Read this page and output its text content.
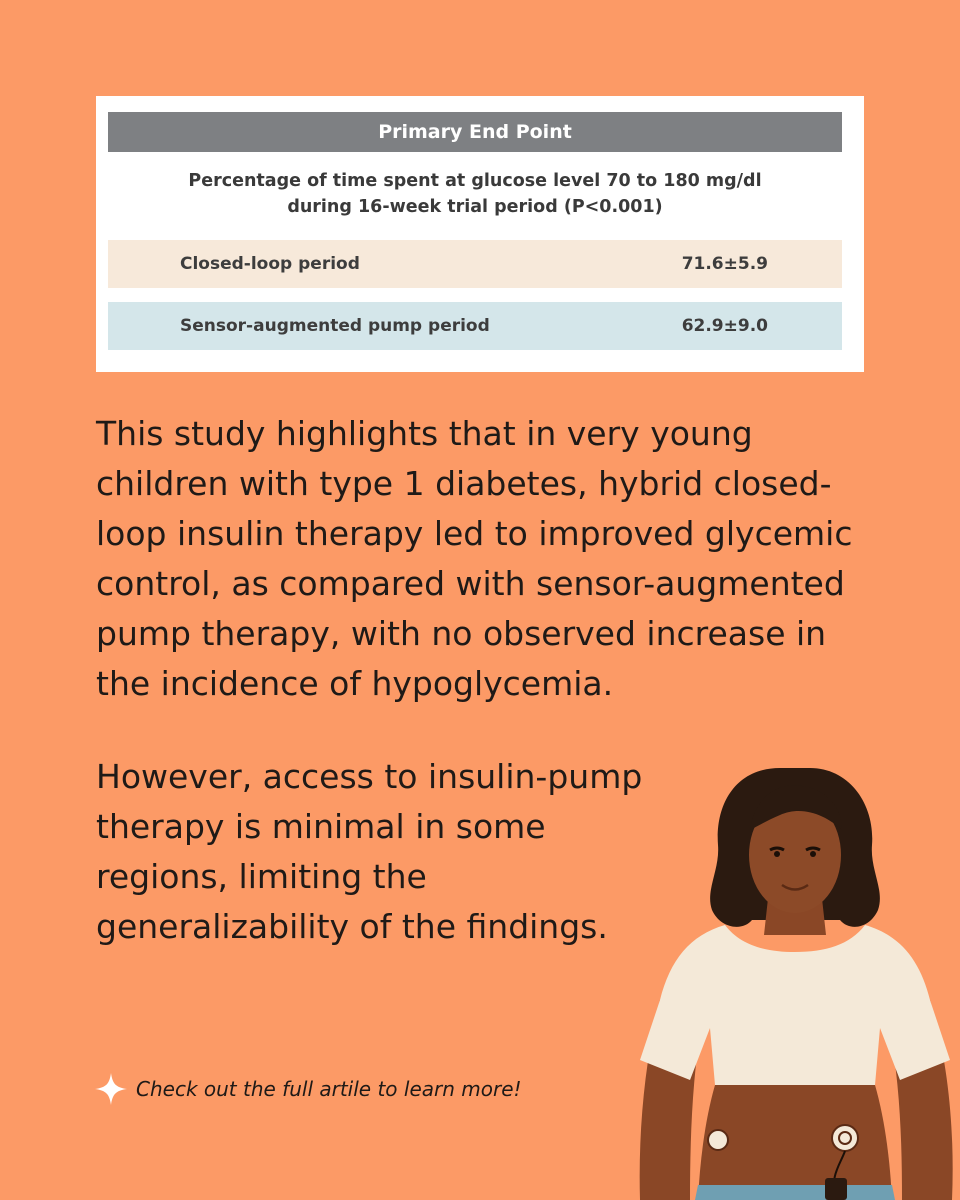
Primary End Point
Percentage of time spent at glucose level 70 to 180 mg/dl
during 16-week trial period (P<0.001)
Closed-loop period	71.6±5.9
Sensor-augmented pump period	62.9±9.0

This study highlights that in very young children with type 1 diabetes, hybrid closed-loop insulin therapy led to improved glycemic control, as compared with sensor-augmented pump therapy, with no observed increase in the incidence of hypoglycemia.

However, access to insulin-pump therapy is minimal in some regions, limiting the generalizability of the findings.

Check out the full artile to learn more!
